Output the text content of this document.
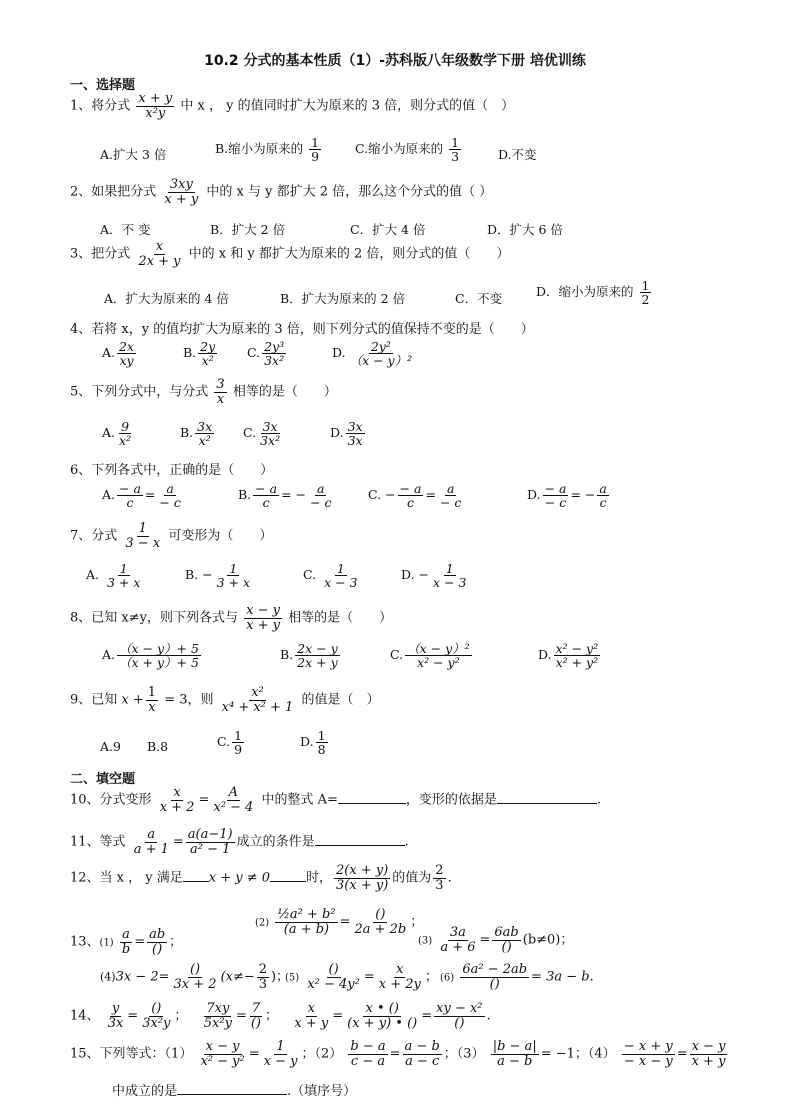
10.2 分式的基本性质（1）-苏科版八年级数学下册 培优训练
一、选择题
1、将分式 $\frac{x + y}{\text{x²y}}$ 中 x ， y 的值同时扩大为原来的 3 倍，则分式的值（　）
A.扩大 3 倍	B.缩小为原来的 $\frac{1}{9}$	C.缩小为原来的 $\frac{1}{3}$	D.不变
2、如果把分式 $\frac{3xy}{x + y}$ 中的 x 与 y 都扩大 2 倍，那么这个分式的值（ ）
A．不 变	B．扩大 2 倍	C．扩大 4 倍	D．扩大 6 倍
3、把分式 $\frac{x}{2x + y}$ 中的 x 和 y 都扩大为原来的 2 倍，则分式的值（　　）
A．扩大为原来的 4 倍	B．扩大为原来的 2 倍	C．不变	D．缩小为原来的 $\frac{1}{2}$
4、若将 x，y 的值均扩大为原来的 3 倍，则下列分式的值保持不变的是（　　）
A. $\frac{2x}{xy}$	B. $\frac{2y}{\text{x²}} C$. $\frac{\text{2y³}}{\text{3x²}}$	D. $\frac{\text{2y²}}{\text{（x − y）²}}$
5、下列分式中，与分式 $\frac{3}{x}$ 相等的是（　　）
A. $\frac{9}{\text{x²}}$	B. $\frac{3x}{\text{x²}} C$. $\frac{3x}{\text{3x²}}$	D. $\frac{3x}{3x}$
6、下列各式中，正确的是（　　）
A. $\frac{- a}{c} = \frac{a}{- c}$	B. $\frac{- a}{c}$ = − $\frac{a}{- c}$	C. − $\frac{- a}{c} = \frac{a}{- c}$	D. $\frac{- a}{- c}$ = − $\frac{a}{c}$
7、分式 $\frac{1}{3 - x}$ 可变形为（　　）
A. $\frac{1}{3 + x}$	B. − $\frac{1}{3 + x}$	C. $\frac{1}{x - 3}$	D. − $\frac{1}{x - 3}$
8、已知 x≠y，则下列各式与 $\frac{x - y}{x + y}$ 相等的是（　　）
A. $\frac{(x - y)+ 5}{(x + y)+ 5}$	B. $\frac{2x - y}{2x + y}$	C. $\frac{\text{（x − y）²}}{\text{x² − y²}}$	D. $\frac{\text{x² − y²}}{\text{x² + y²}}$
9、已知 $x + \frac{1}{x} = 3$，则 $\frac{\text{x²}}{\text{x⁴ + x² + 1}}$ 的值是（　）
A.9 B.8	C. $\frac{1}{9}$	D. $\frac{1}{8}$
二、填空题
10、分式变形 $\frac{x}{x + 2} = \frac{A}{\text{x² − 4}}$ 中的整式 A=	，变形的依据是	.
11、等式 $\frac{a}{a + 1} = \frac{a(a-1)}{\text{a² − 1}}$ 成立的条件是	.
12、当 x ， y 满足 x + y ≠ 0	时， $\frac{2(x + y)}{3(x + y)}$ 的值为 $\frac{2}{3}$ .
13、$(1) \frac{a}{b} = \frac{ab}{()}$ ；
$(2) \frac{\text{½a² + b²}}{(a + b)} = \frac{()}{2a + 2b}$ ；
$(3) \frac{3a}{a + 6} = \frac{6ab}{()} (b\ne 0)$；
$(4)3x - 2= \frac{()}{3x + 2} (x\ne- \frac{2}{3}$ )；
$(5) \frac{()}{\text{x² − 4y²}} = \frac{x}{x + 2y}$ ； $(6) \frac{\text{6a² − 2ab}}{()} = 3a - b$.
14、 $\frac{y}{3x} = \frac{()}{\text{3x²y}}$ ； $\frac{7xy}{\text{5x²y}} = \frac{7}{()}$ ； $\frac{x}{x + y} = \frac{x • ()}{(x + y) • ()} = \frac{\text{xy − x²}}{()}$ .
15、下列等式：$(1) \frac{x - y}{\text{x² − y²}} = \frac{1}{x - y}$ ；$(2) \frac{b - a}{c - a} = \frac{a - b}{a - c}$ ；$(3) \frac{|b - a|}{a - b} = -1$；$(4) \frac{- x + y}{- x - y} = \frac{x - y}{x + y}$
中成立的是	.（填序号）
